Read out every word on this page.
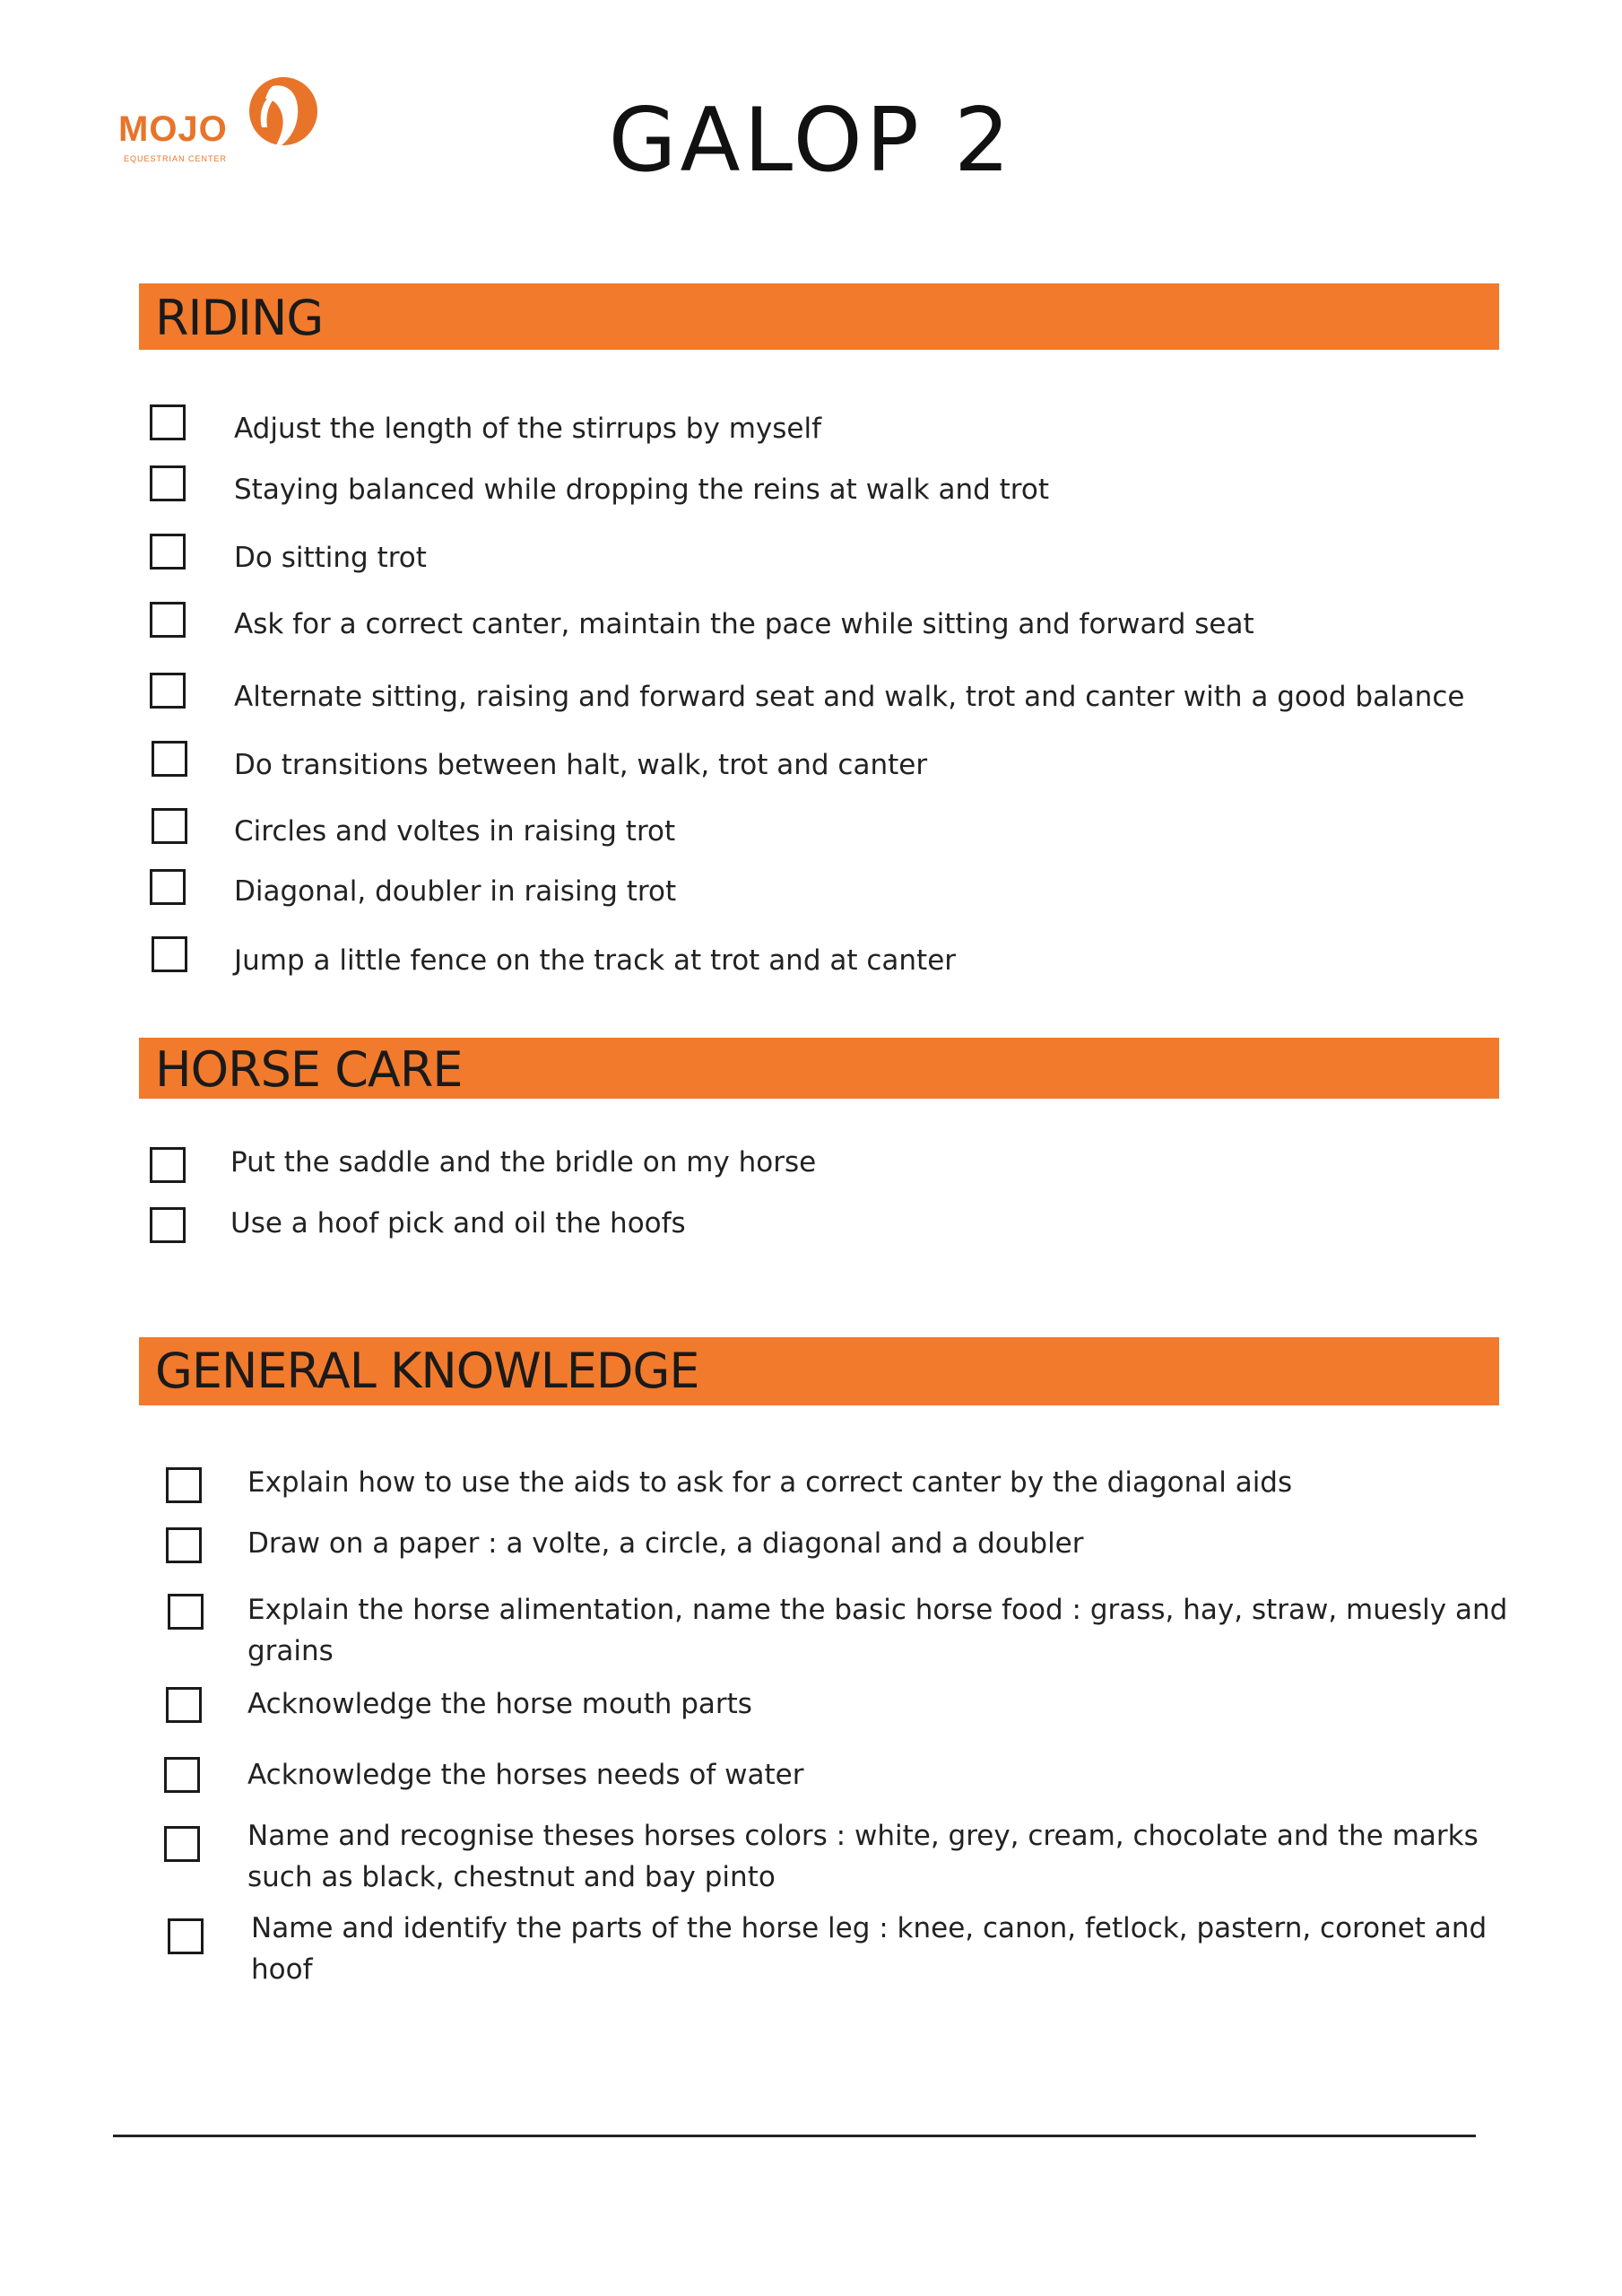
MOJO
EQUESTRIAN CENTER	GALOP 2
RIDING
Adjust the length of the stirrups by myself
Staying balanced while dropping the reins at walk and trot
Do sitting trot
Ask for a correct canter, maintain the pace while sitting and forward seat
Alternate sitting, raising and forward seat and walk, trot and canter with a good balance
Do transitions between halt, walk, trot and canter
Circles and voltes in raising trot
Diagonal, doubler in raising trot
Jump a little fence on the track at trot and at canter
HORSE CARE
Put the saddle and the bridle on my horse
Use a hoof pick and oil the hoofs
GENERAL KNOWLEDGE
Explain how to use the aids to ask for a correct canter by the diagonal aids
Draw on a paper : a volte, a circle, a diagonal and a doubler
Explain the horse alimentation, name the basic horse food : grass, hay, straw, muesly and grains
Acknowledge the horse mouth parts
Acknowledge the horses needs of water
Name and recognise theses horses colors : white, grey, cream, chocolate and the marks such as black, chestnut and bay pinto
Name and identify the parts of the horse leg : knee, canon, fetlock, pastern, coronet and hoof
